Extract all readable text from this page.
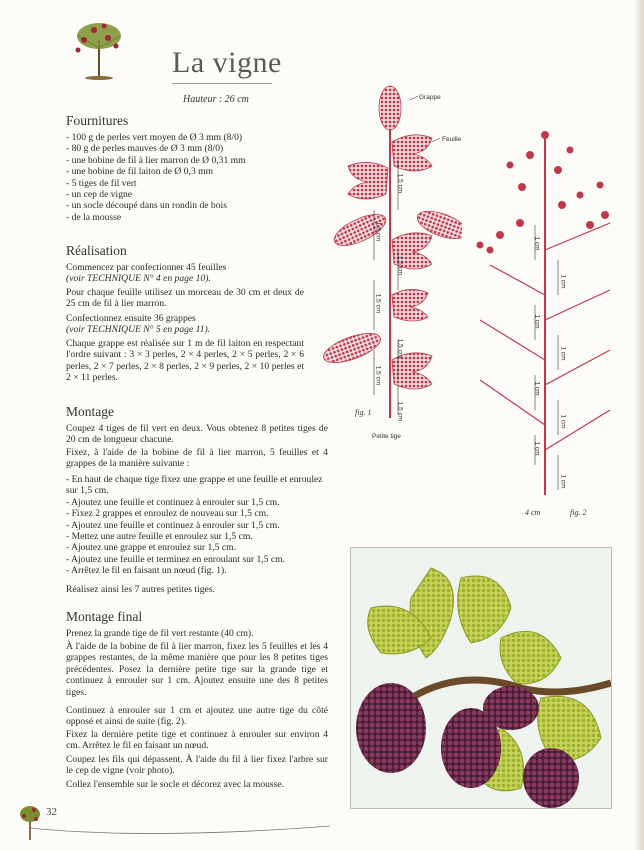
La vigne
Hauteur : 26 cm
Fournitures
- 100 g de perles vert moyen de Ø 3 mm (8/0)
- 80 g de perles mauves de Ø 3 mm (8/0)
- une bobine de fil à lier marron de Ø 0,31 mm
- une bobine de fil laiton de Ø 0,3 mm
- 5 tiges de fil vert
- un cep de vigne
- un socle découpé dans un rondin de bois
- de la mousse
Réalisation

Commencez par confectionner 45 feuilles
(voir TECHNIQUE N° 4 en page 10).

Pour chaque feuille utilisez un morceau de 30 cm et deux de 25 cm de fil à lier marron.

Confectionnez ensuite 36 grappes
(voir TECHNIQUE N° 5 en page 11).

Chaque grappe est réalisée sur 1 m de fil laiton en respectant l'ordre suivant : 3 × 3 perles, 2 × 4 perles, 2 × 5 perles, 2 × 6 perles, 2 × 7 perles, 2 × 8 perles, 2 × 9 perles, 2 × 10 perles et 2 × 11 perles.

Montage

Coupez 4 tiges de fil vert en deux. Vous obtenez 8 petites tiges de 20 cm de longueur chacune.

Fixez, à l'aide de la bobine de fil à lier marron, 5 feuilles et 4 grappes de la manière suivante :

- En haut de chaque tige fixez une grappe et une feuille et enroulez sur 1,5 cm.
- Ajoutez une feuille et continuez à enrouler sur 1,5 cm.
- Fixez 2 grappes et enroulez de nouveau sur 1,5 cm.
- Ajoutez une feuille et continuez à enrouler sur 1,5 cm.
- Mettez une autre feuille et enroulez sur 1,5 cm.
- Ajoutez une grappe et enroulez sur 1,5 cm.
- Ajoutez une feuille et terminez en enroulant sur 1,5 cm.
- Arrêtez le fil en faisant un nœud (fig. 1).

Réalisez ainsi les 7 autres petites tiges.

Montage final

Prenez la grande tige de fil vert restante (40 cm).

À l'aide de la bobine de fil à lier marron, fixez les 5 feuilles et les 4 grappes restantes, de la même manière que pour les 8 petites tiges précédentes. Posez la dernière petite tige sur la grande tige et continuez à enrouler sur 1 cm. Ajoutez ensuite une des 8 petites tiges.

Continuez à enrouler sur 1 cm et ajoutez une autre tige du côté opposé et ainsi de suite (fig. 2).

Fixez la dernière petite tige et continuez à enrouler sur environ 4 cm. Arrêtez le fil en faisant un nœud.

Coupez les fils qui dépassent. À l'aide du fil à lier fixez l'arbre sur le cep de vigne (voir photo).

Collez l'ensemble sur le socle et décorez avec la mousse.

Grappe
Feuille
Petite tige
fig. 1
1,5 cm
1,5 cm
1,5 cm
1,5 cm
1,5 cm
1,5 cm
1,5 cm
4 cm	fig. 2
1 cm
1 cm
1 cm
1 cm
1 cm
1 cm
1 cm
1 cm
32
